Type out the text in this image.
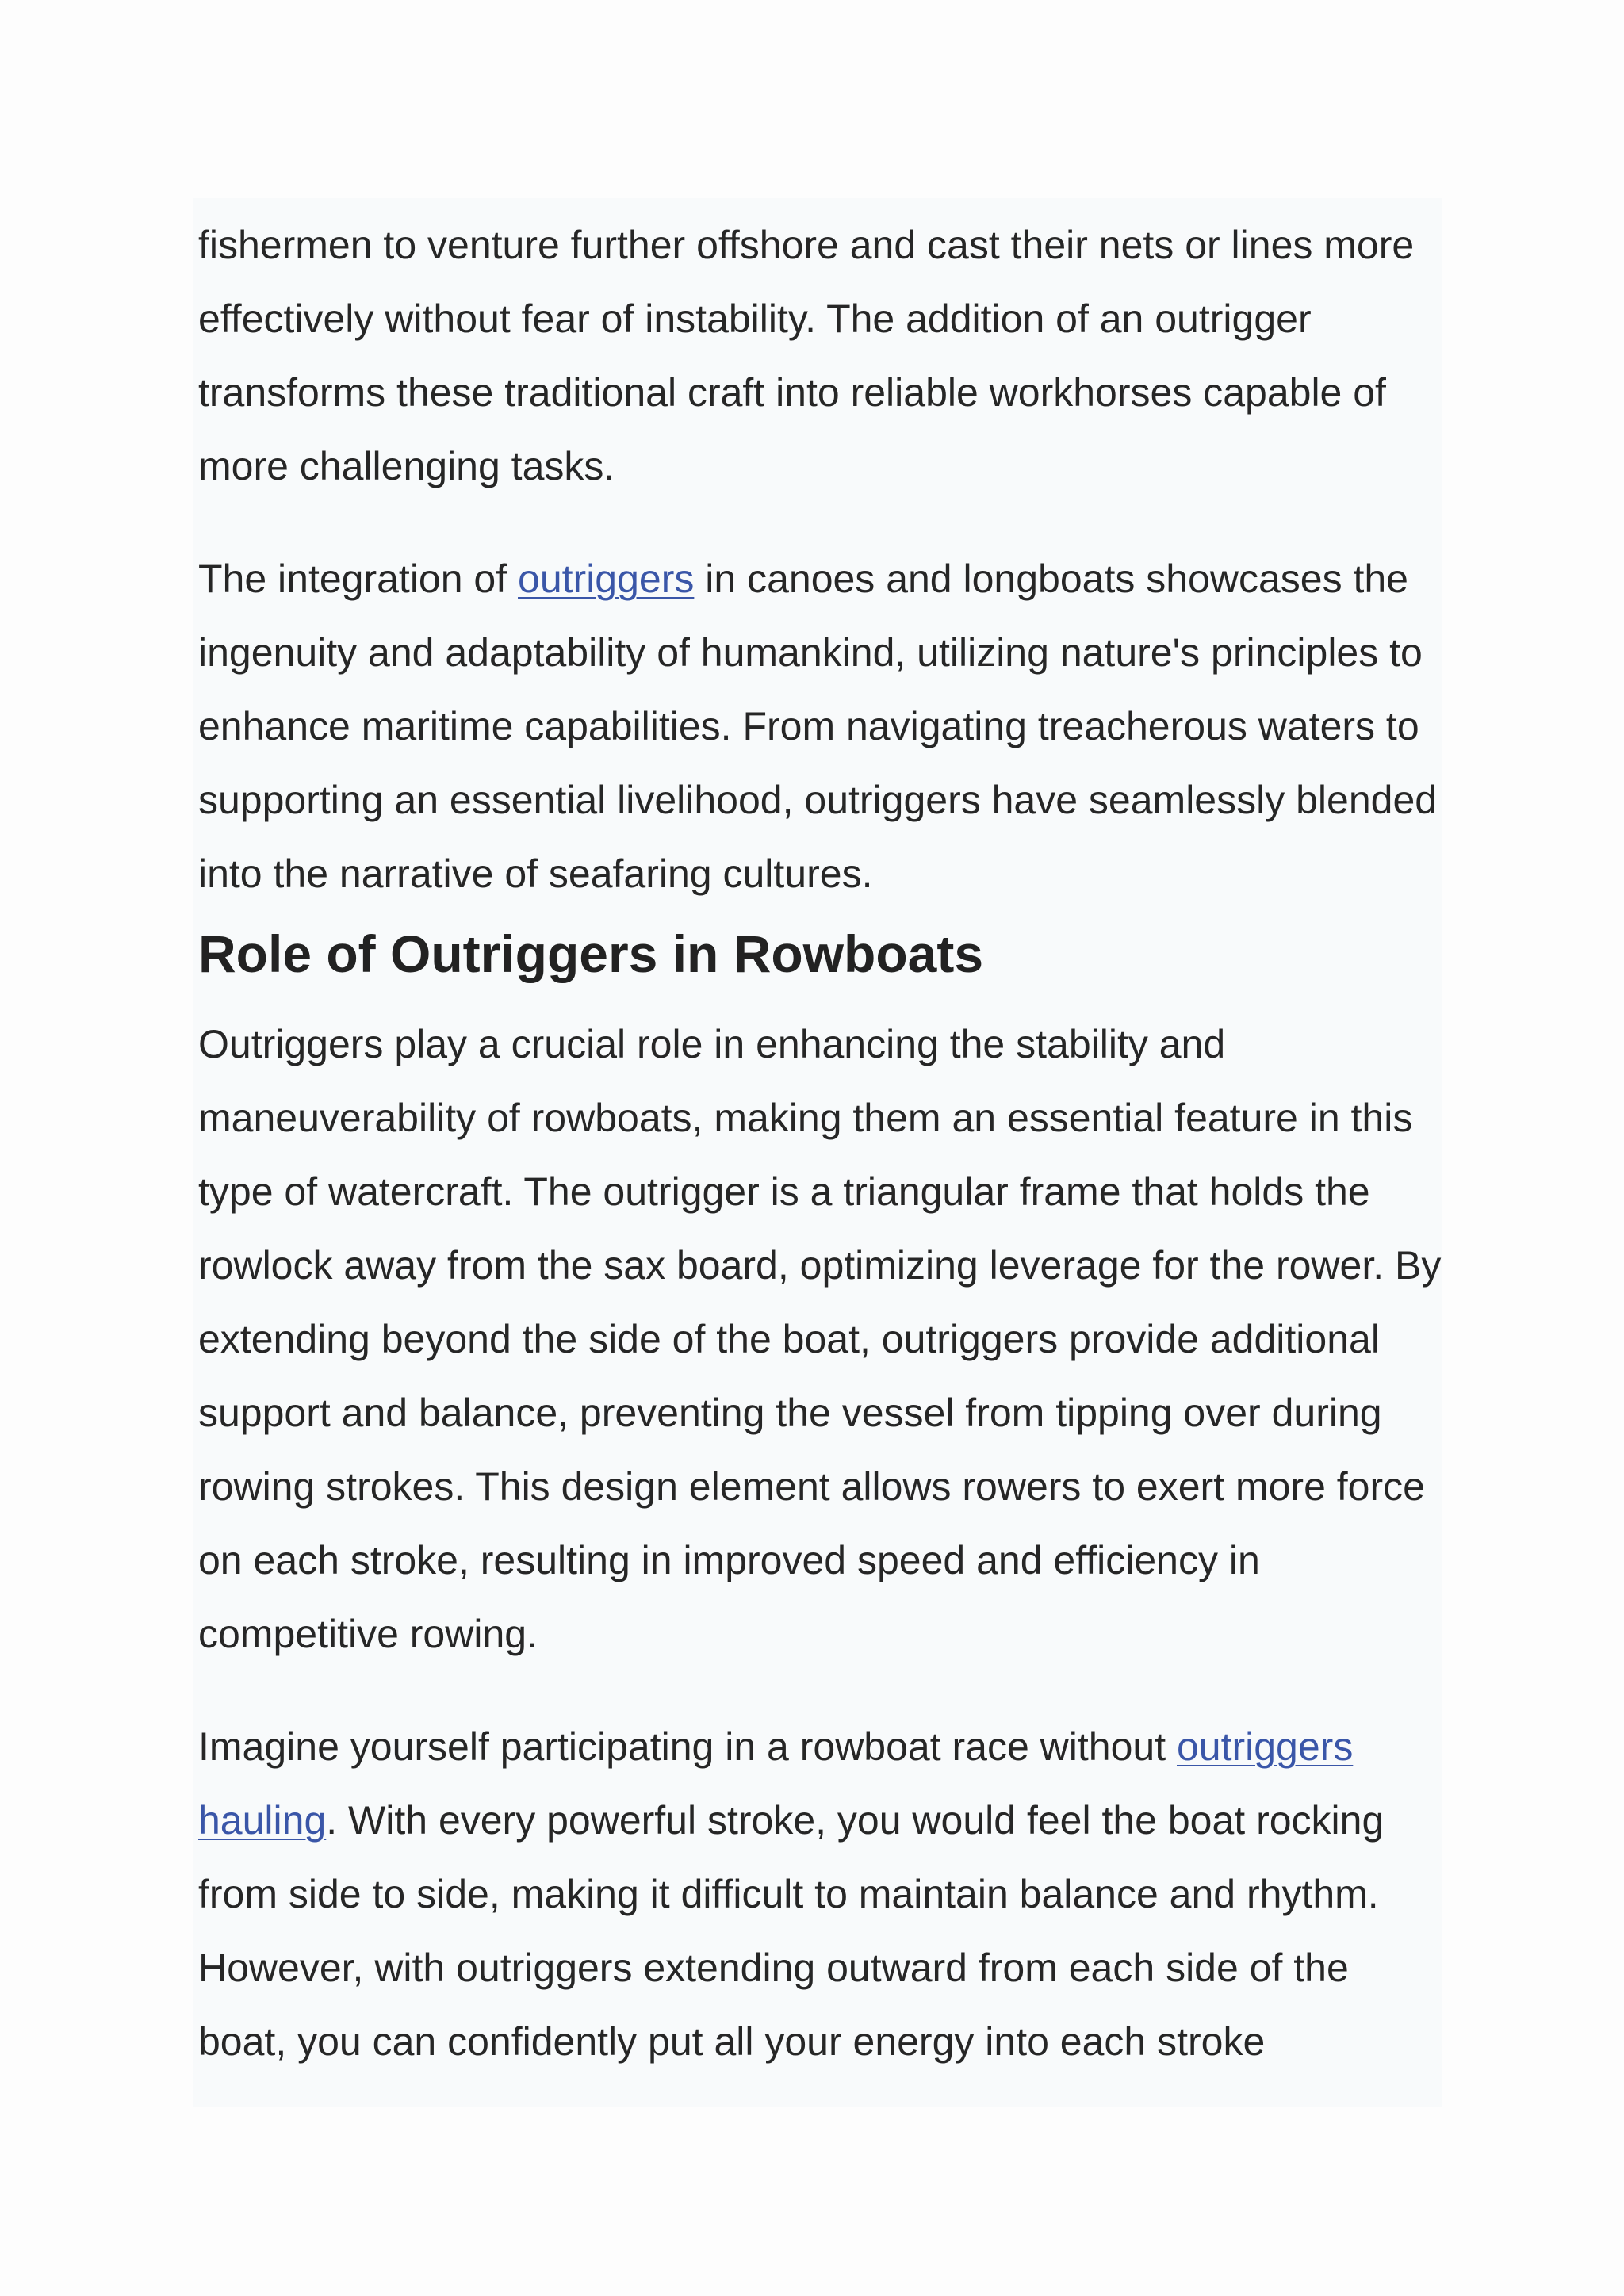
fishermen to venture further offshore and cast their nets or lines more effectively without fear of instability. The addition of an outrigger transforms these traditional craft into reliable workhorses capable of more challenging tasks.

The integration of outriggers in canoes and longboats showcases the ingenuity and adaptability of humankind, utilizing nature's principles to enhance maritime capabilities. From navigating treacherous waters to supporting an essential livelihood, outriggers have seamlessly blended into the narrative of seafaring cultures.

Role of Outriggers in Rowboats

Outriggers play a crucial role in enhancing the stability and maneuverability of rowboats, making them an essential feature in this type of watercraft. The outrigger is a triangular frame that holds the rowlock away from the sax board, optimizing leverage for the rower. By extending beyond the side of the boat, outriggers provide additional support and balance, preventing the vessel from tipping over during rowing strokes. This design element allows rowers to exert more force on each stroke, resulting in improved speed and efficiency in competitive rowing.

Imagine yourself participating in a rowboat race without outriggers hauling. With every powerful stroke, you would feel the boat rocking from side to side, making it difficult to maintain balance and rhythm. However, with outriggers extending outward from each side of the boat, you can confidently put all your energy into each stroke
